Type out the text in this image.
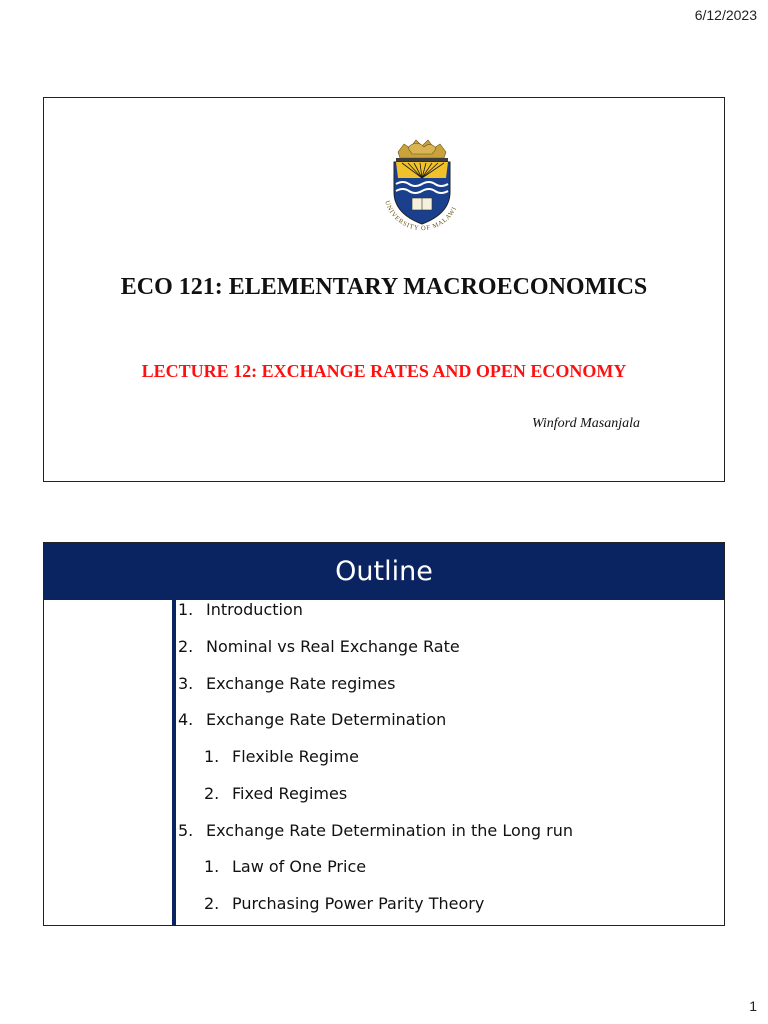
6/12/2023
UNIVERSITY OF MALAWI
ECO 121: ELEMENTARY MACROECONOMICS
LECTURE 12: EXCHANGE RATES AND OPEN ECONOMY
Winford Masanjala
Outline
1. Introduction
2. Nominal vs Real Exchange Rate
3. Exchange Rate regimes
4. Exchange Rate Determination
1. Flexible Regime
2. Fixed Regimes
5. Exchange Rate Determination in the Long run
1. Law of One Price
2. Purchasing Power Parity Theory
1
